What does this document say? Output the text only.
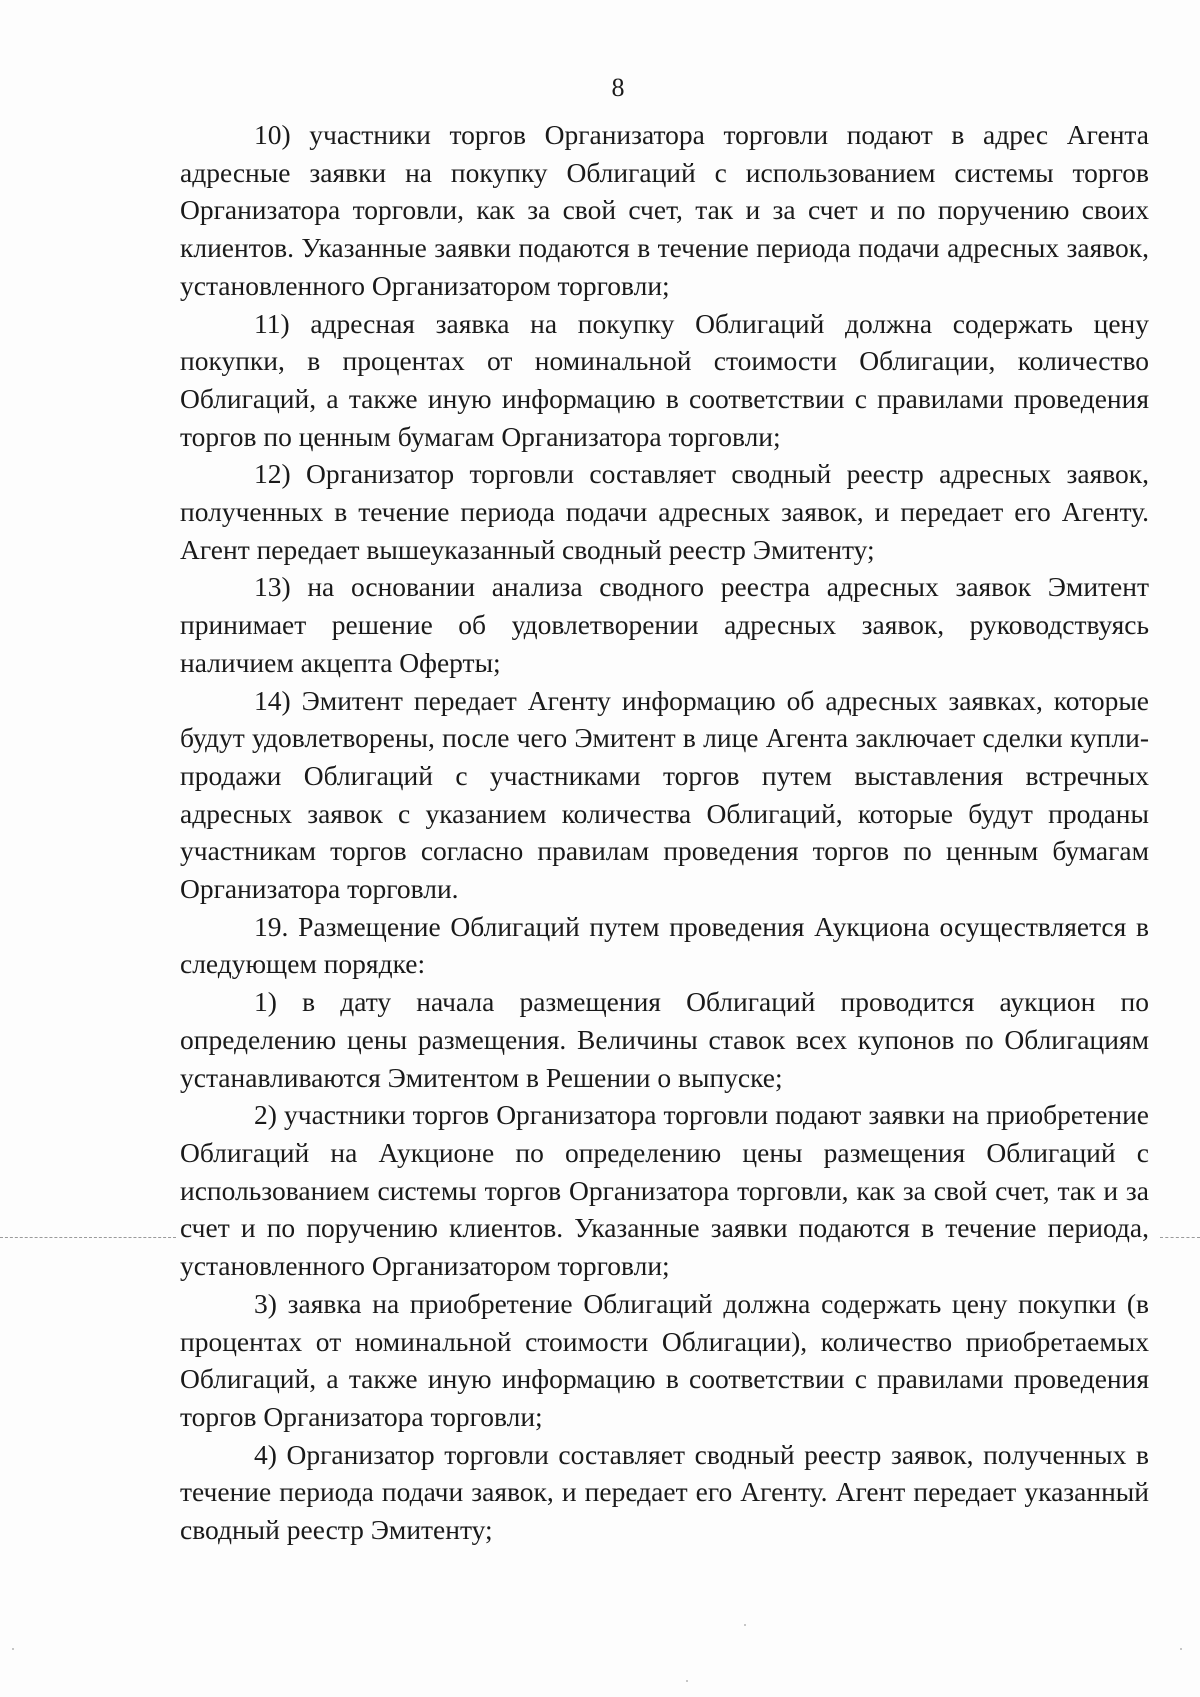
8

10) участники торгов Организатора торговли подают в адрес Агента адресные заявки на покупку Облигаций с использованием системы торгов Организатора торговли, как за свой счет, так и за счет и по поручению своих клиентов. Указанные заявки подаются в течение периода подачи адресных заявок, установленного Организатором торговли;

11) адресная заявка на покупку Облигаций должна содержать цену покупки, в процентах от номинальной стоимости Облигации, количество Облигаций, а также иную информацию в соответствии с правилами проведения торгов по ценным бумагам Организатора торговли;

12) Организатор торговли составляет сводный реестр адресных заявок, полученных в течение периода подачи адресных заявок, и передает его Агенту. Агент передает вышеуказанный сводный реестр Эмитенту;

13) на основании анализа сводного реестра адресных заявок Эмитент принимает решение об удовлетворении адресных заявок, руководствуясь наличием акцепта Оферты;

14) Эмитент передает Агенту информацию об адресных заявках, которые будут удовлетворены, после чего Эмитент в лице Агента заключает сделки купли-продажи Облигаций с участниками торгов путем выставления встречных адресных заявок с указанием количества Облигаций, которые будут проданы участникам торгов согласно правилам проведения торгов по ценным бумагам Организатора торговли.

19. Размещение Облигаций путем проведения Аукциона осуществляется в следующем порядке:

1) в дату начала размещения Облигаций проводится аукцион по определению цены размещения. Величины ставок всех купонов по Облигациям устанавливаются Эмитентом в Решении о выпуске;

2) участники торгов Организатора торговли подают заявки на приобретение Облигаций на Аукционе по определению цены размещения Облигаций с использованием системы торгов Организатора торговли, как за свой счет, так и за счет и по поручению клиентов. Указанные заявки подаются в течение периода, установленного Организатором торговли;

3) заявка на приобретение Облигаций должна содержать цену покупки (в процентах от номинальной стоимости Облигации), количество приобретаемых Облигаций, а также иную информацию в соответствии с правилами проведения торгов Организатора торговли;

4) Организатор торговли составляет сводный реестр заявок, полученных в течение периода подачи заявок, и передает его Агенту. Агент передает указанный сводный реестр Эмитенту;
